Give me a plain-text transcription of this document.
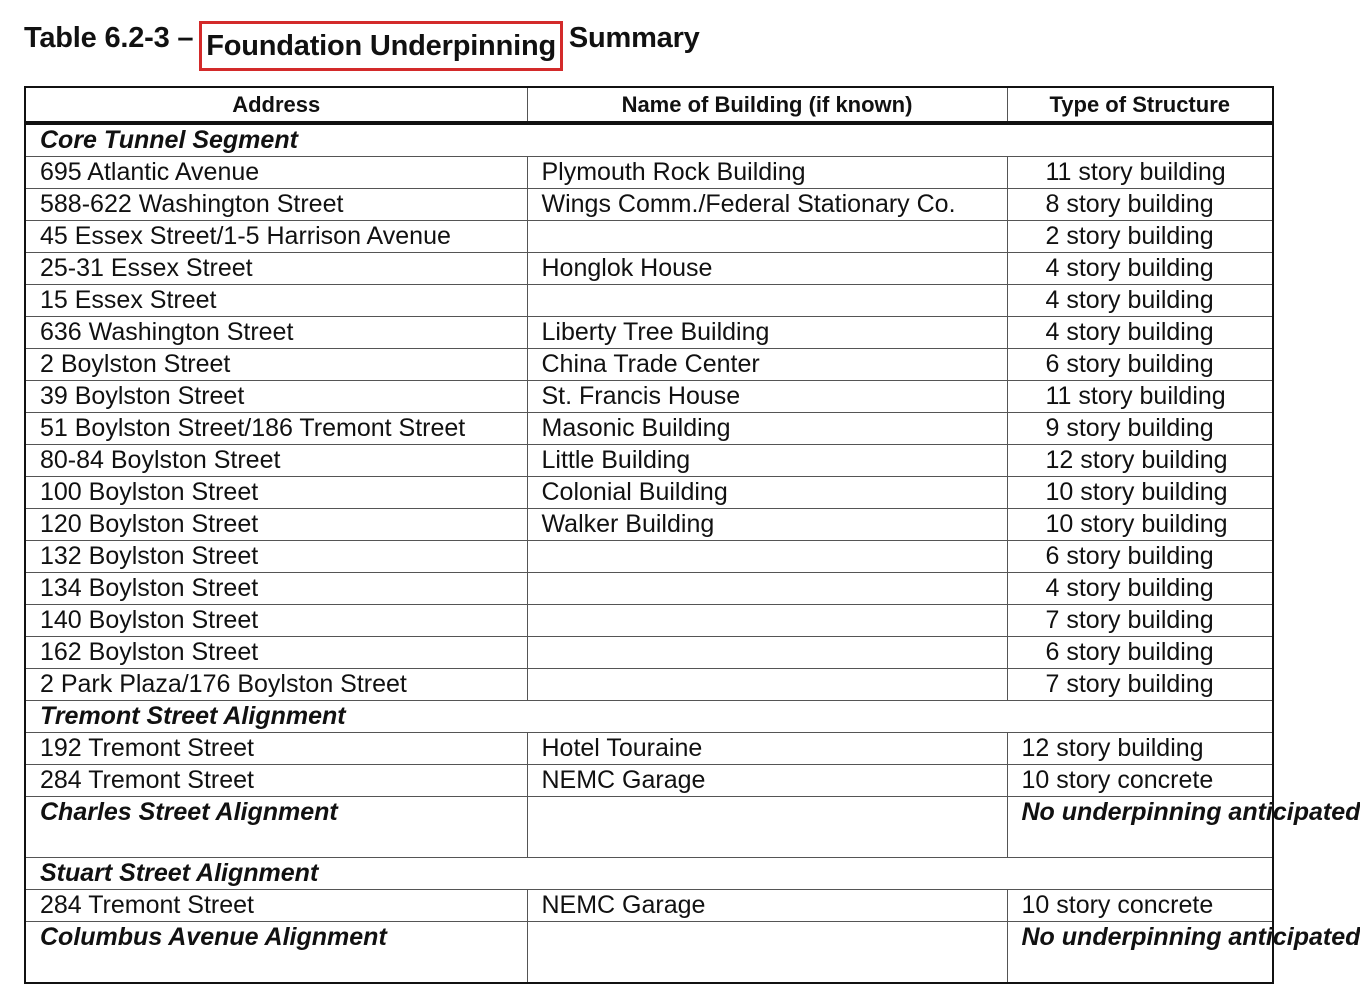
Table 6.2-3 – Foundation Underpinning Summary
Address	Name of Building (if known)	Type of Structure
Core Tunnel Segment		
695 Atlantic Avenue	Plymouth Rock Building	11 story building
588-622 Washington Street	Wings Comm./Federal Stationary Co.	8 story building
45 Essex Street/1-5 Harrison Avenue		2 story building
25-31 Essex Street	Honglok House	4 story building
15 Essex Street		4 story building
636 Washington Street	Liberty Tree Building	4 story building
2 Boylston Street	China Trade Center	6 story building
39 Boylston Street	St. Francis House	11 story building
51 Boylston Street/186 Tremont Street	Masonic Building	9 story building
80-84 Boylston Street	Little Building	12 story building
100 Boylston Street	Colonial Building	10 story building
120 Boylston Street	Walker Building	10 story building
132 Boylston Street		6 story building
134 Boylston Street		4 story building
140 Boylston Street		7 story building
162 Boylston Street		6 story building
2 Park Plaza/176 Boylston Street		7 story building
Tremont Street Alignment		
192 Tremont Street	Hotel Touraine	12 story building
284 Tremont Street	NEMC Garage	10 story concrete
Charles Street Alignment		No underpinning anticipated
Stuart Street Alignment		
284 Tremont Street	NEMC Garage	10 story concrete
Columbus Avenue Alignment		No underpinning anticipated
